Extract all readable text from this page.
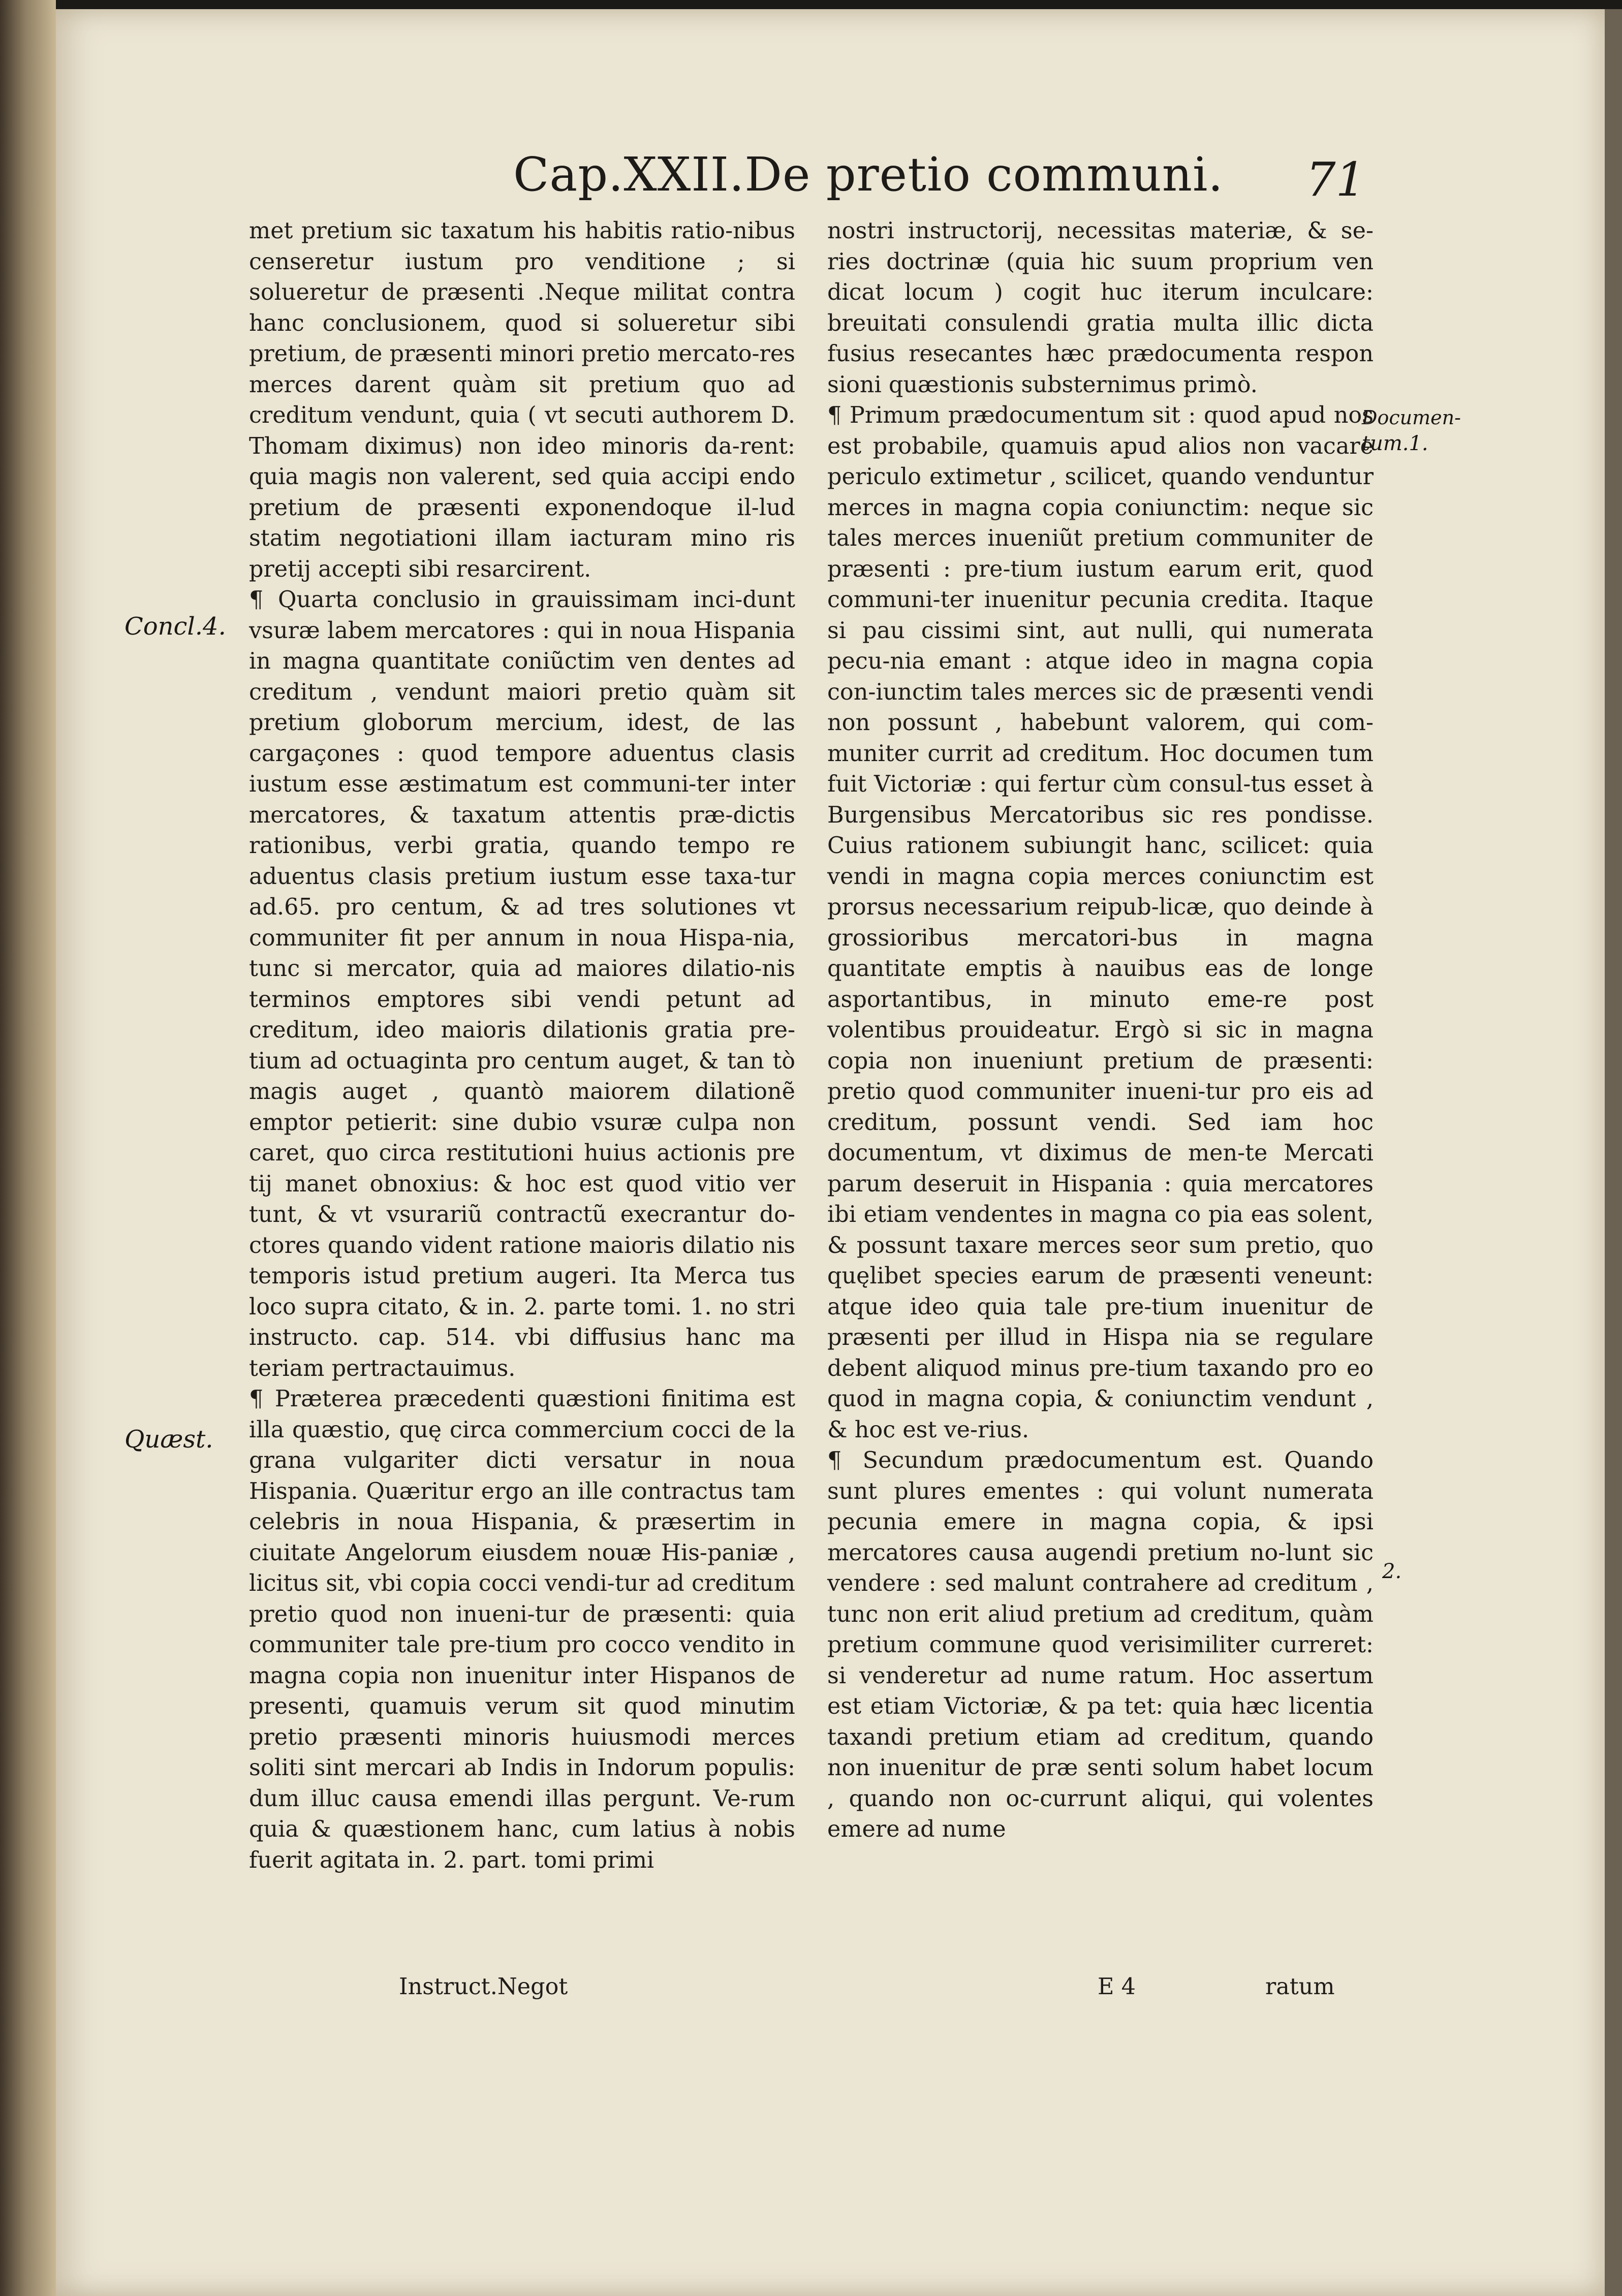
Cap.XXII.De pretio communi. 71
Concl.4.
Quæst.
Documen-
tum.1.
2.

met pretium sic taxatum his habitis ratio-nibus censeretur iustum pro venditione ; si solueretur de præsenti .Neque militat contra hanc conclusionem, quod si solueretur sibi pretium, de præsenti minori pretio mercato-res merces darent quàm sit pretium quo ad creditum vendunt, quia ( vt secuti authorem D. Thomam diximus) non ideo minoris da-rent: quia magis non valerent, sed quia accipi endo pretium de præsenti exponendoque il-lud statim negotiationi illam iacturam mino ris pretij accepti sibi resarcirent.

¶ Quarta conclusio in grauissimam inci-dunt vsuræ labem mercatores : qui in noua Hispania in magna quantitate coniũctim ven dentes ad creditum , vendunt maiori pretio quàm sit pretium globorum mercium, idest, de las cargaçones : quod tempore aduentus clasis iustum esse æstimatum est communi-ter inter mercatores, & taxatum attentis præ-dictis rationibus, verbi gratia, quando tempo re aduentus clasis pretium iustum esse taxa-tur ad.65. pro centum, & ad tres solutiones vt communiter fit per annum in noua Hispa-nia, tunc si mercator, quia ad maiores dilatio-nis terminos emptores sibi vendi petunt ad creditum, ideo maioris dilationis gratia pre-tium ad octuaginta pro centum auget, & tan tò magis auget , quantò maiorem dilationẽ emptor petierit: sine dubio vsuræ culpa non caret, quo circa restitutioni huius actionis pre tij manet obnoxius: & hoc est quod vitio ver tunt, & vt vsurariũ contractũ execrantur do-ctores quando vident ratione maioris dilatio nis temporis istud pretium augeri. Ita Merca tus loco supra citato, & in. 2. parte tomi. 1. no stri instructo. cap. 514. vbi diffusius hanc ma teriam pertractauimus.

¶ Præterea præcedenti quæstioni finitima est illa quæstio, quę circa commercium cocci de la grana vulgariter dicti versatur in noua Hispania. Quæritur ergo an ille contractus tam celebris in noua Hispania, & præsertim in ciuitate Angelorum eiusdem nouæ His-paniæ , licitus sit, vbi copia cocci vendi-tur ad creditum pretio quod non inueni-tur de præsenti: quia communiter tale pre-tium pro cocco vendito in magna copia non inuenitur inter Hispanos de presenti, quamuis verum sit quod minutim pretio præsenti minoris huiusmodi merces soliti sint mercari ab Indis in Indorum populis: dum illuc causa emendi illas pergunt. Ve-rum quia & quæstionem hanc, cum latius à nobis fuerit agitata in. 2. part. tomi primi

nostri instructorij, necessitas materiæ, & se-ries doctrinæ (quia hic suum proprium ven dicat locum ) cogit huc iterum inculcare: breuitati consulendi gratia multa illic dicta fusius resecantes hæc prædocumenta respon sioni quæstionis substernimus primò.

¶ Primum prædocumentum sit : quod apud nos est probabile, quamuis apud alios non vacare periculo extimetur , scilicet, quando venduntur merces in magna copia coniunctim: neque sic tales merces inueniũt pretium communiter de præsenti : pre-tium iustum earum erit, quod communi-ter inuenitur pecunia credita. Itaque si pau cissimi sint, aut nulli, qui numerata pecu-nia emant : atque ideo in magna copia con-iunctim tales merces sic de præsenti vendi non possunt , habebunt valorem, qui com-muniter currit ad creditum. Hoc documen tum fuit Victoriæ : qui fertur cùm consul-tus esset à Burgensibus Mercatoribus sic res pondisse. Cuius rationem subiungit hanc, scilicet: quia vendi in magna copia merces coniunctim est prorsus necessarium reipub-licæ, quo deinde à grossioribus mercatori-bus in magna quantitate emptis à nauibus eas de longe asportantibus, in minuto eme-re post volentibus prouideatur. Ergò si sic in magna copia non inueniunt pretium de præsenti: pretio quod communiter inueni-tur pro eis ad creditum, possunt vendi. Sed iam hoc documentum, vt diximus de men-te Mercati parum deseruit in Hispania : quia mercatores ibi etiam vendentes in magna co pia eas solent, & possunt taxare merces seor sum pretio, quo quęlibet species earum de præsenti veneunt: atque ideo quia tale pre-tium inuenitur de præsenti per illud in Hispa nia se regulare debent aliquod minus pre-tium taxando pro eo quod in magna copia, & coniunctim vendunt , & hoc est ve-rius.

¶ Secundum prædocumentum est. Quando sunt plures ementes : qui volunt numerata pecunia emere in magna copia, & ipsi mercatores causa augendi pretium no-lunt sic vendere : sed malunt contrahere ad creditum , tunc non erit aliud pretium ad creditum, quàm pretium commune quod verisimiliter curreret: si venderetur ad nume ratum. Hoc assertum est etiam Victoriæ, & pa tet: quia hæc licentia taxandi pretium etiam ad creditum, quando non inuenitur de præ senti solum habet locum , quando non oc-currunt aliqui, qui volentes emere ad nume

Instruct.Negot	E 4	ratum
